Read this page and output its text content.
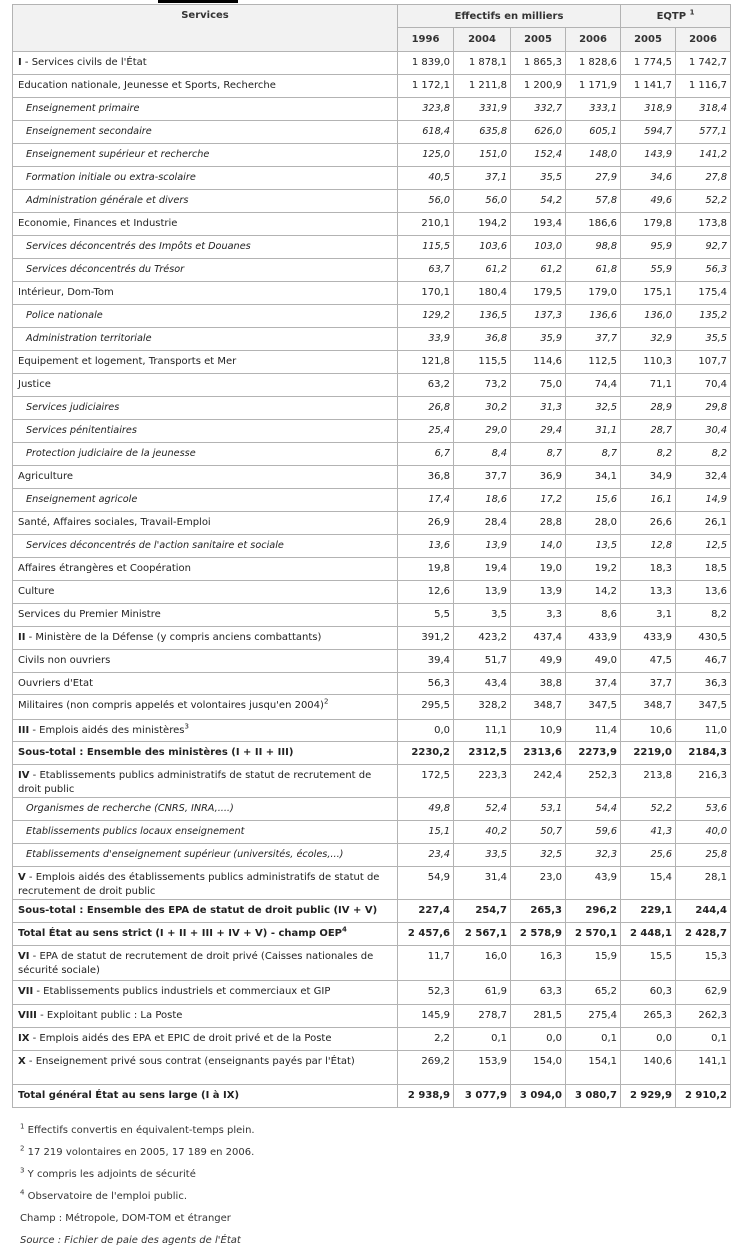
Services	Effectifs en milliers				EQTP $^1$
	1996	2004	2005	2006	2005	2006
I - Services civils de l'État	1 839,0	1 878,1	1 865,3	1 828,6	1 774,5	1 742,7
Education nationale, Jeunesse et Sports, Recherche	1 172,1	1 211,8	1 200,9	1 171,9	1 141,7	1 116,7
Enseignement primaire	323,8	331,9	332,7	333,1	318,9	318,4
Enseignement secondaire	618,4	635,8	626,0	605,1	594,7	577,1
Enseignement supérieur et recherche	125,0	151,0	152,4	148,0	143,9	141,2
Formation initiale ou extra-scolaire	40,5	37,1	35,5	27,9	34,6	27,8
Administration générale et divers	56,0	56,0	54,2	57,8	49,6	52,2
Economie, Finances et Industrie	210,1	194,2	193,4	186,6	179,8	173,8
Services déconcentrés des Impôts et Douanes	115,5	103,6	103,0	98,8	95,9	92,7
Services déconcentrés du Trésor	63,7	61,2	61,2	61,8	55,9	56,3
Intérieur, Dom-Tom	170,1	180,4	179,5	179,0	175,1	175,4
Police nationale	129,2	136,5	137,3	136,6	136,0	135,2
Administration territoriale	33,9	36,8	35,9	37,7	32,9	35,5
Equipement et logement, Transports et Mer	121,8	115,5	114,6	112,5	110,3	107,7
Justice	63,2	73,2	75,0	74,4	71,1	70,4
Services judiciaires	26,8	30,2	31,3	32,5	28,9	29,8
Services pénitentiaires	25,4	29,0	29,4	31,1	28,7	30,4
Protection judiciaire de la jeunesse	6,7	8,4	8,7	8,7	8,2	8,2
Agriculture	36,8	37,7	36,9	34,1	34,9	32,4
Enseignement agricole	17,4	18,6	17,2	15,6	16,1	14,9
Santé, Affaires sociales, Travail-Emploi	26,9	28,4	28,8	28,0	26,6	26,1
Services déconcentrés de l'action sanitaire et sociale	13,6	13,9	14,0	13,5	12,8	12,5
Affaires étrangères et Coopération	19,8	19,4	19,0	19,2	18,3	18,5
Culture	12,6	13,9	13,9	14,2	13,3	13,6
Services du Premier Ministre	5,5	3,5	3,3	8,6	3,1	8,2
II - Ministère de la Défense (y compris anciens combattants)	391,2	423,2	437,4	433,9	433,9	430,5
Civils non ouvriers	39,4	51,7	49,9	49,0	47,5	46,7
Ouvriers d'Etat	56,3	43,4	38,8	37,4	37,7	36,3
Militaires (non compris appelés et volontaires jusqu'en 2004)$^2$	295,5	328,2	348,7	347,5	348,7	347,5
III - Emplois aidés des ministères$^3$	0,0	11,1	10,9	11,4	10,6	11,0
Sous-total : Ensemble des ministères (I + II + III)	2230,2	2312,5	2313,6	2273,9	2219,0	2184,3
IV - Etablissements publics administratifs de statut de recrutement de droit public	172,5	223,3	242,4	252,3	213,8	216,3
Organismes de recherche (CNRS, INRA,....)	49,8	52,4	53,1	54,4	52,2	53,6
Etablissements publics locaux enseignement	15,1	40,2	50,7	59,6	41,3	40,0
Etablissements d'enseignement supérieur (universités, écoles,...)	23,4	33,5	32,5	32,3	25,6	25,8
V - Emplois aidés des établissements publics administratifs de statut de recrutement de droit public	54,9	31,4	23,0	43,9	15,4	28,1
Sous-total : Ensemble des EPA de statut de droit public (IV + V)	227,4	254,7	265,3	296,2	229,1	244,4
Total État au sens strict (I + II + III + IV + V) - champ OEP$^4$	2 457,6	2 567,1	2 578,9	2 570,1	2 448,1	2 428,7
VI - EPA de statut de recrutement de droit privé (Caisses nationales de sécurité sociale)	11,7	16,0	16,3	15,9	15,5	15,3
VII - Etablissements publics industriels et commerciaux et GIP	52,3	61,9	63,3	65,2	60,3	62,9
VIII - Exploitant public : La Poste	145,9	278,7	281,5	275,4	265,3	262,3
IX - Emplois aidés des EPA et EPIC de droit privé et de la Poste	2,2	0,1	0,0	0,1	0,0	0,1
X - Enseignement privé sous contrat (enseignants payés par l'État)	269,2	153,9	154,0	154,1	140,6	141,1
Total général État au sens large (I à IX)	2 938,9	3 077,9	3 094,0	3 080,7	2 929,9	2 910,2
$^1$ Effectifs convertis en équivalent-temps plein.
$^2$ 17 219 volontaires en 2005, 17 189 en 2006.
$^3$ Y compris les adjoints de sécurité
$^4$ Observatoire de l'emploi public.
Champ : Métropole, DOM-TOM et étranger
Source : Fichier de paie des agents de l'État
